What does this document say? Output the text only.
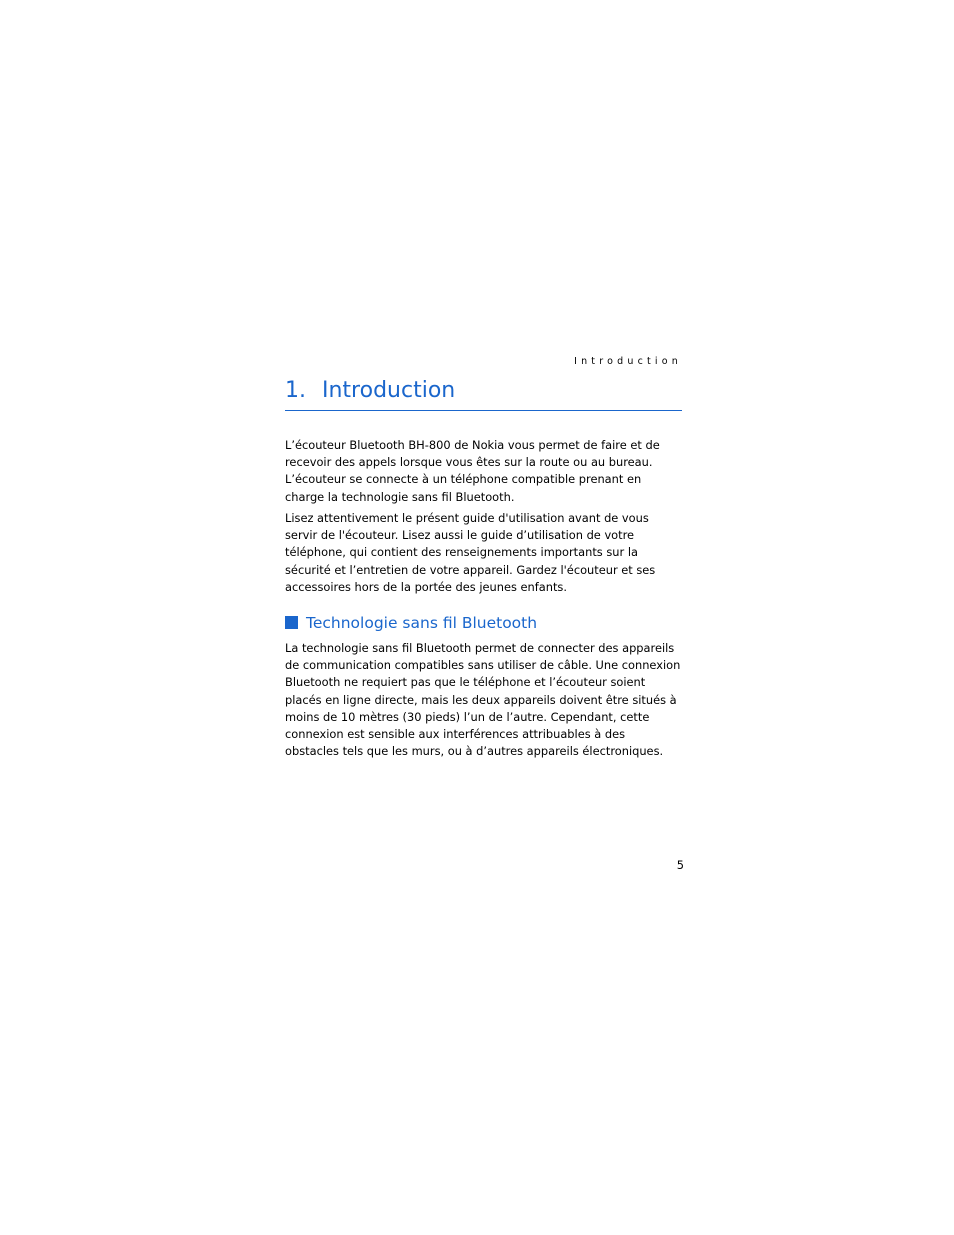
Introduction
1. Introduction

L’écouteur Bluetooth BH-800 de Nokia vous permet de faire et de recevoir des appels lorsque vous êtes sur la route ou au bureau. L’écouteur se connecte à un téléphone compatible prenant en charge la technologie sans fil Bluetooth.

Lisez attentivement le présent guide d'utilisation avant de vous servir de l'écouteur. Lisez aussi le guide d’utilisation de votre téléphone, qui contient des renseignements importants sur la sécurité et l’entretien de votre appareil. Gardez l'écouteur et ses accessoires hors de la portée des jeunes enfants.

Technologie sans fil Bluetooth

La technologie sans fil Bluetooth permet de connecter des appareils de communication compatibles sans utiliser de câble. Une connexion Bluetooth ne requiert pas que le téléphone et l’écouteur soient placés en ligne directe, mais les deux appareils doivent être situés à moins de 10 mètres (30 pieds) l’un de l’autre. Cependant, cette connexion est sensible aux interférences attribuables à des obstacles tels que les murs, ou à d’autres appareils électroniques.

5
